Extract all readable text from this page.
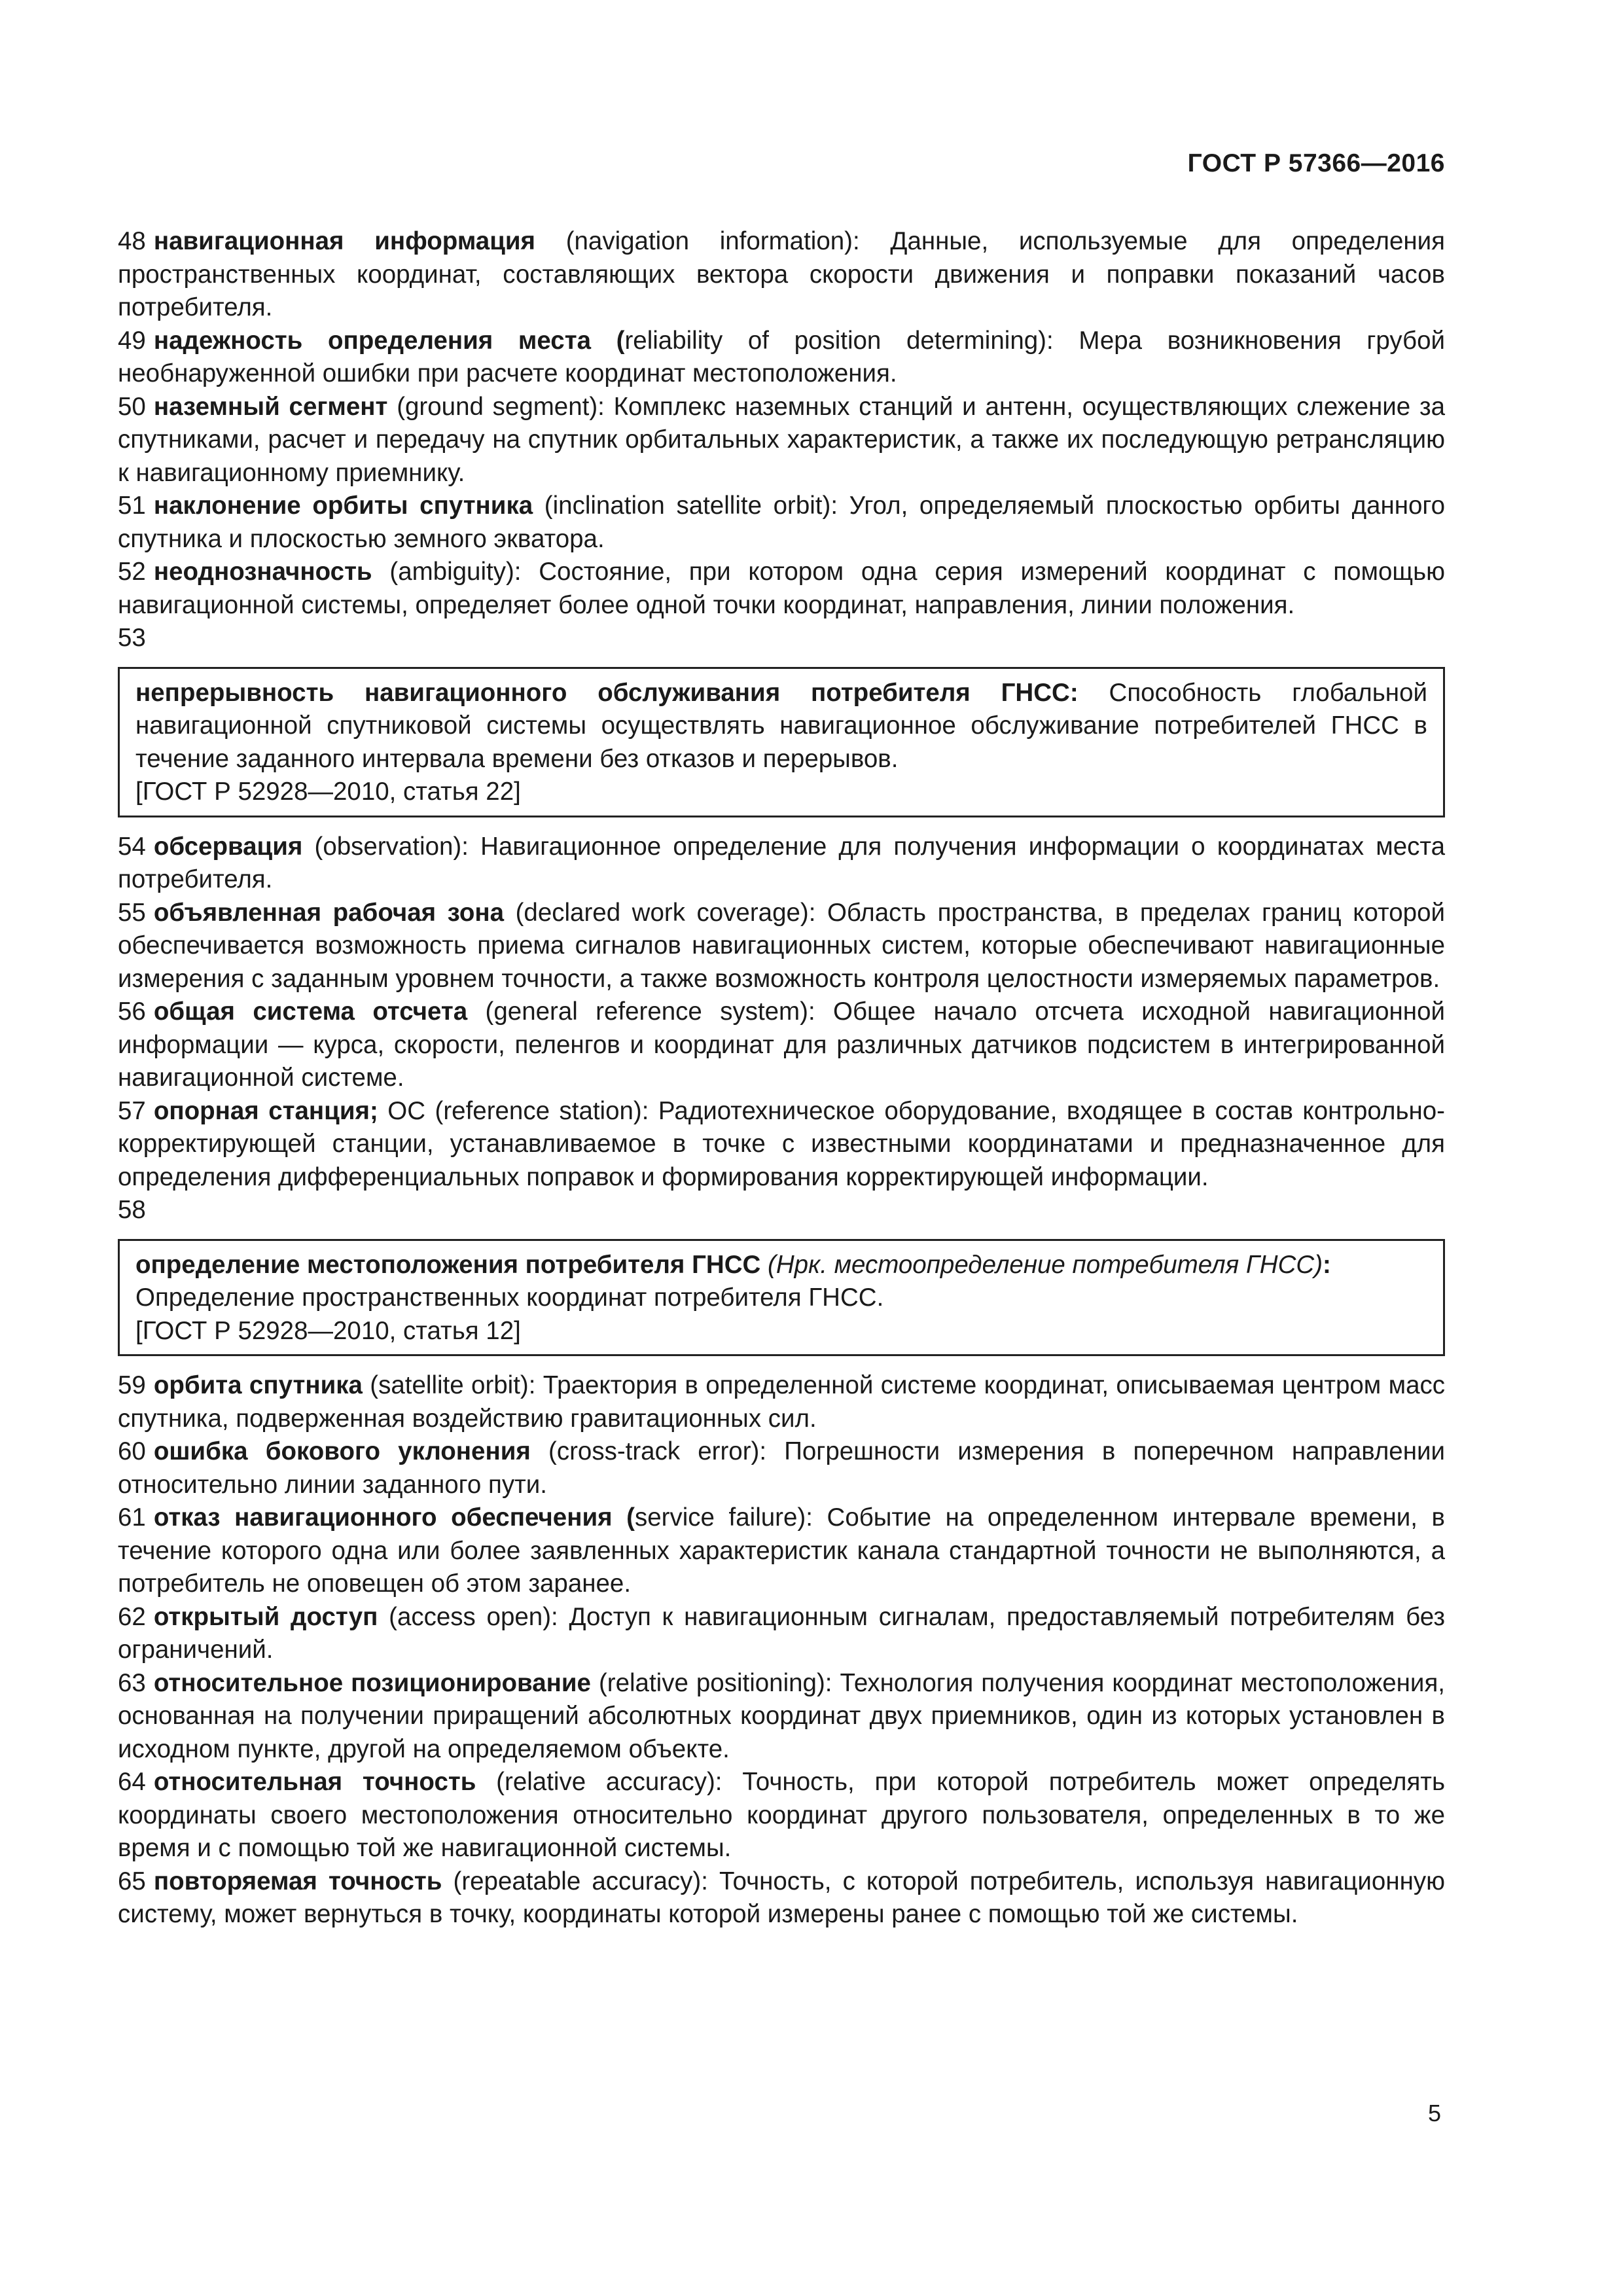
ГОСТ Р 57366—2016

48 навигационная информация (navigation information): Данные, используемые для определения пространственных координат, составляющих вектора скорости движения и поправки показаний часов потребителя.

49 надежность определения места (reliability of position determining): Мера возникновения грубой необнаруженной ошибки при расчете координат местоположения.

50 наземный сегмент (ground segment): Комплекс наземных станций и антенн, осуществляющих слежение за спутниками, расчет и передачу на спутник орбитальных характеристик, а также их последующую ретрансляцию к навигационному приемнику.

51 наклонение орбиты спутника (inclination satellite orbit): Угол, определяемый плоскостью орбиты данного спутника и плоскостью земного экватора.

52 неоднозначность (ambiguity): Состояние, при котором одна серия измерений координат с помощью навигационной системы, определяет более одной точки координат, направления, линии положения.

53

непрерывность навигационного обслуживания потребителя ГНСС: Способность глобальной навигационной спутниковой системы осуществлять навигационное обслуживание потребителей ГНСС в течение заданного интервала времени без отказов и перерывов.

[ГОСТ Р 52928—2010, статья 22]

54 обсервация (observation): Навигационное определение для получения информации о координатах места потребителя.

55 объявленная рабочая зона (declared work coverage): Область пространства, в пределах границ которой обеспечивается возможность приема сигналов навигационных систем, которые обеспечивают навигационные измерения с заданным уровнем точности, а также возможность контроля целостности измеряемых параметров.

56 общая система отсчета (general reference system): Общее начало отсчета исходной навигационной информации — курса, скорости, пеленгов и координат для различных датчиков подсистем в интегрированной навигационной системе.

57 опорная станция; ОС (reference station): Радиотехническое оборудование, входящее в состав контрольно-корректирующей станции, устанавливаемое в точке с известными координатами и предназначенное для определения дифференциальных поправок и формирования корректирующей информации.

58

определение местоположения потребителя ГНСС (Нрк. местоопределение потребителя ГНСС):

Определение пространственных координат потребителя ГНСС.

[ГОСТ Р 52928—2010, статья 12]

59 орбита спутника (satellite orbit): Траектория в определенной системе координат, описываемая центром масс спутника, подверженная воздействию гравитационных сил.

60 ошибка бокового уклонения (cross-track error): Погрешности измерения в поперечном направлении относительно линии заданного пути.

61 отказ навигационного обеспечения (service failure): Событие на определенном интервале времени, в течение которого одна или более заявленных характеристик канала стандартной точности не выполняются, а потребитель не оповещен об этом заранее.

62 открытый доступ (access open): Доступ к навигационным сигналам, предоставляемый потребителям без ограничений.

63 относительное позиционирование (relative positioning): Технология получения координат местоположения, основанная на получении приращений абсолютных координат двух приемников, один из которых установлен в исходном пункте, другой на определяемом объекте.

64 относительная точность (relative accuracy): Точность, при которой потребитель может определять координаты своего местоположения относительно координат другого пользователя, определенных в то же время и с помощью той же навигационной системы.

65 повторяемая точность (repeatable accuracy): Точность, с которой потребитель, используя навигационную систему, может вернуться в точку, координаты которой измерены ранее с помощью той же системы.

5
